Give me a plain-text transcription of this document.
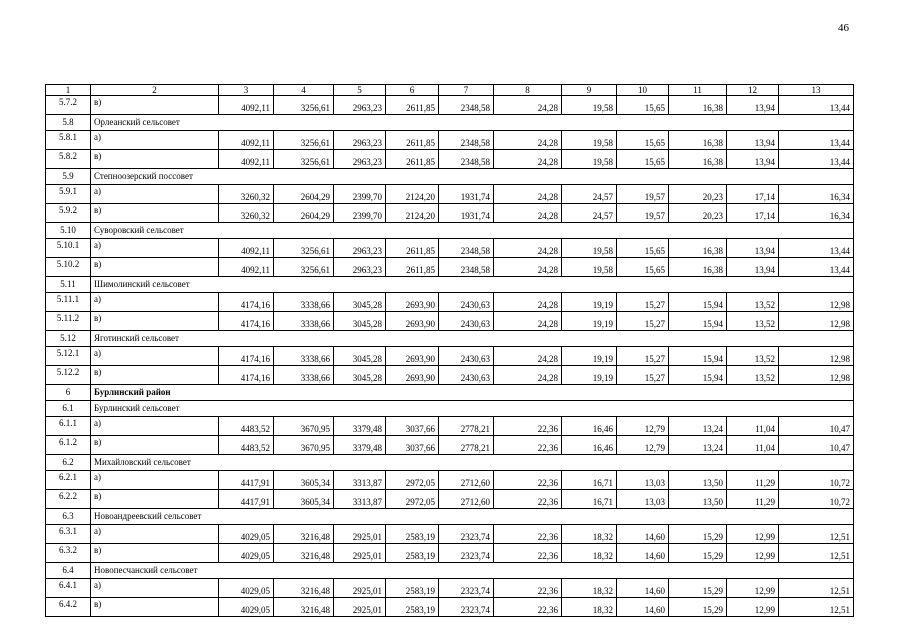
46
1	2	3	4	5	6	7	8	9	10	11	12	13
5.7.2	в)	4092,11	3256,61	2963,23	2611,85	2348,58	24,28	19,58	15,65	16,38	13,94	13,44
5.8	Орлеанский сельсовет											
5.8.1	а)	4092,11	3256,61	2963,23	2611,85	2348,58	24,28	19,58	15,65	16,38	13,94	13,44
5.8.2	в)	4092,11	3256,61	2963,23	2611,85	2348,58	24,28	19,58	15,65	16,38	13,94	13,44
5.9	Степноозерский поссовет											
5.9.1	а)	3260,32	2604,29	2399,70	2124,20	1931,74	24,28	24,57	19,57	20,23	17,14	16,34
5.9.2	в)	3260,32	2604,29	2399,70	2124,20	1931,74	24,28	24,57	19,57	20,23	17,14	16,34
5.10	Суворовский сельсовет											
5.10.1	а)	4092,11	3256,61	2963,23	2611,85	2348,58	24,28	19,58	15,65	16,38	13,94	13,44
5.10.2	в)	4092,11	3256,61	2963,23	2611,85	2348,58	24,28	19,58	15,65	16,38	13,94	13,44
5.11	Шимолинский сельсовет											
5.11.1	а)	4174,16	3338,66	3045,28	2693,90	2430,63	24,28	19,19	15,27	15,94	13,52	12,98
5.11.2	в)	4174,16	3338,66	3045,28	2693,90	2430,63	24,28	19,19	15,27	15,94	13,52	12,98
5.12	Яготинский сельсовет											
5.12.1	а)	4174,16	3338,66	3045,28	2693,90	2430,63	24,28	19,19	15,27	15,94	13,52	12,98
5.12.2	в)	4174,16	3338,66	3045,28	2693,90	2430,63	24,28	19,19	15,27	15,94	13,52	12,98
6	Бурлинский район											
6.1	Бурлинский сельсовет											
6.1.1	а)	4483,52	3670,95	3379,48	3037,66	2778,21	22,36	16,46	12,79	13,24	11,04	10,47
6.1.2	в)	4483,52	3670,95	3379,48	3037,66	2778,21	22,36	16,46	12,79	13,24	11,04	10,47
6.2	Михайловский сельсовет											
6.2.1	а)	4417,91	3605,34	3313,87	2972,05	2712,60	22,36	16,71	13,03	13,50	11,29	10,72
6.2.2	в)	4417,91	3605,34	3313,87	2972,05	2712,60	22,36	16,71	13,03	13,50	11,29	10,72
6.3	Новоандреевский сельсовет											
6.3.1	а)	4029,05	3216,48	2925,01	2583,19	2323,74	22,36	18,32	14,60	15,29	12,99	12,51
6.3.2	в)	4029,05	3216,48	2925,01	2583,19	2323,74	22,36	18,32	14,60	15,29	12,99	12,51
6.4	Новопесчанский сельсовет											
6.4.1	а)	4029,05	3216,48	2925,01	2583,19	2323,74	22,36	18,32	14,60	15,29	12,99	12,51
6.4.2	в)	4029,05	3216,48	2925,01	2583,19	2323,74	22,36	18,32	14,60	15,29	12,99	12,51
